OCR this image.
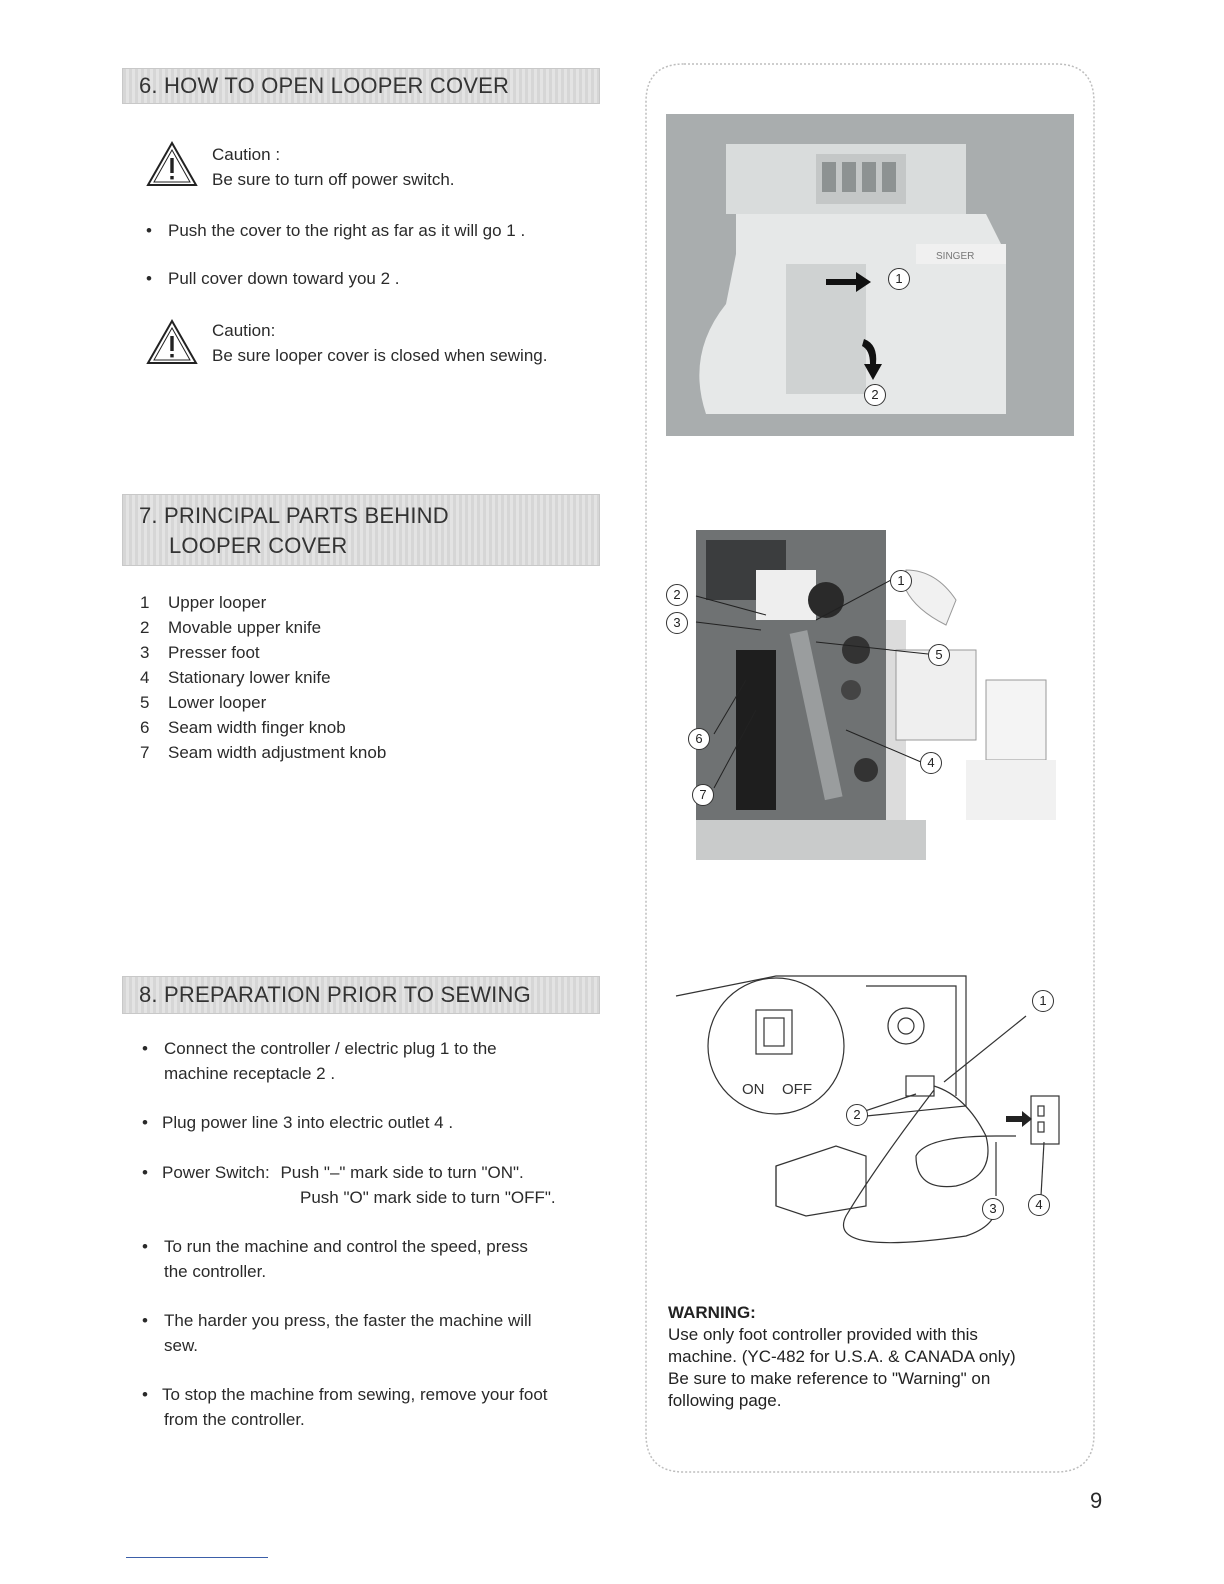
6. HOW TO OPEN LOOPER COVER
Caution :
Be sure to turn off power switch.
• Push the cover to the right as far as it will go 1 .
• Pull cover down toward you 2 .
Caution:
Be sure looper cover is closed when sewing.
7. PRINCIPAL PARTS BEHIND
LOOPER COVER
1	Upper looper
2	Movable upper knife
3	Presser foot
4	Stationary lower knife
5	Lower looper
6	Seam width finger knob
7	Seam width adjustment knob
8. PREPARATION PRIOR TO SEWING
• Connect the controller / electric plug 1 to the
machine receptacle 2 .
• Plug power line 3 into electric outlet 4 .
• Power Switch: Push "–" mark side to turn "ON".
Push "O" mark side to turn "OFF".
• To run the machine and control the speed, press
the controller.
• The harder you press, the faster the machine will
sew.
• To stop the machine from sewing, remove your foot
from the controller.
SINGER
1
2
2
3
1
5
6
4
7
ON OFF
1
2
3	4
WARNING:
Use only foot controller provided with this
machine. (YC-482 for U.S.A. & CANADA only)
Be sure to make reference to "Warning" on
following page.
9
